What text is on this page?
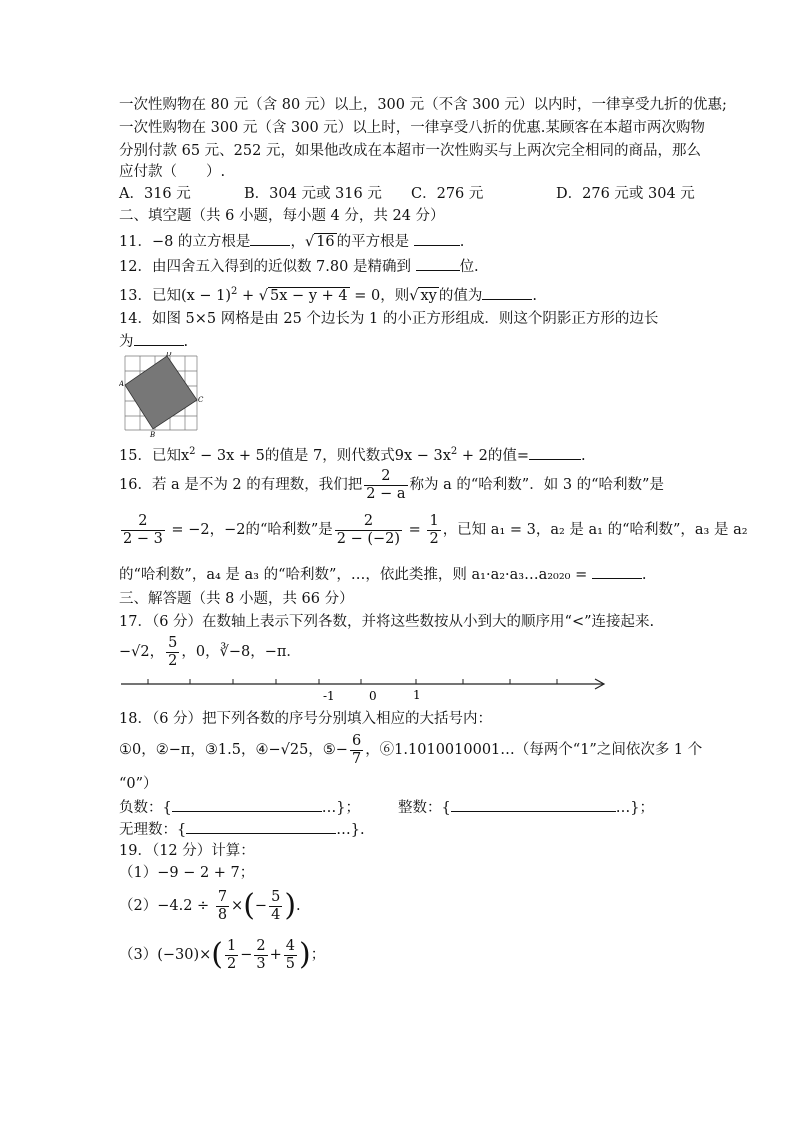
一次性购物在 80 元（含 80 元）以上，300 元（不含 300 元）以内时，一律享受九折的优惠;
一次性购物在 300 元（含 300 元）以上时，一律享受八折的优惠.某顾客在本超市两次购物
分别付款 65 元、252 元，如果他改成在本超市一次性购买与上两次完全相同的商品，那么
应付款（　　）.
A．316 元	B．304 元或 316 元 C．276 元	D．276 元或 304 元
二、填空题（共 6 小题，每小题 4 分，共 24 分）
11．−8 的立方根是	，√ 16 的平方根是	.
12．由四舍五入得到的近似数 7.80 是精确到	位.
13．已知$(x - 1)^2$ + √ 5x − y + 4 = 0，则√ xy 的值为	.
14．如图 5×5 网格是由 25 个边长为 1 的小正方形组成．则这个阴影正方形的边长
为	.
D
A
C
B
15．已知$x^2 - 3x + 5$的值是 7，则代数式$9x - 3x^2 + 2$的值=	.
16．若 a 是不为 2 的有理数，我们把 $\frac{2}{2 - a}$ 称为 a 的“哈利数”．如 3 的“哈利数”是
$\frac{2}{2 - 3} = -2$，−2的“哈利数”是 $\frac{2}{2 - (-2)} = \frac{1}{2}$ ，已知 a₁ = 3，a₂ 是 a₁ 的“哈利数”，a₃ 是 a₂
的“哈利数”，a₄ 是 a₃ 的“哈利数”，…，依此类推，则 a₁·a₂·a₃…a₂₀₂₀ =	.
三、解答题（共 8 小题，共 66 分）
17．（6 分）在数轴上表示下列各数，并将这些数按从小到大的顺序用“<”连接起来.
−√2， $\frac{5}{2}$ ，0，∛−8，−π．
-1	0	1
18．（6 分）把下列各数的序号分别填入相应的大括号内：
①0，②−π，③1.5，④−√25，⑤− $\frac{6}{7}$ ，⑥1.1010010001…（每两个“1”之间依次多 1 个
“0”）
负数：{	…}；	整数：{	…}；
无理数：{	…}.
19．（12 分）计算：
（1）−9 − 2 + 7；
$(2)-4.2 \div \frac{7}{8}$ ×(− $\frac{5}{4}$ ).
$(3)(-30)\times( \frac{1}{2} - \frac{2}{3} + \frac{4}{5}$ )；
